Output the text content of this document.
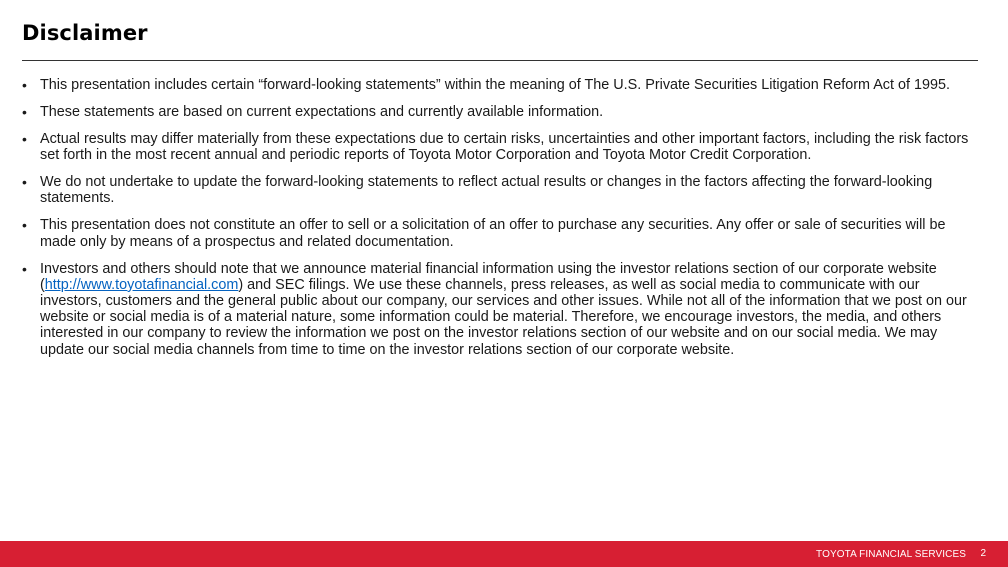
Disclaimer
• This presentation includes certain “forward-looking statements” within the meaning of The U.S. Private Securities Litigation Reform Act of 1995.
• These statements are based on current expectations and currently available information.
• Actual results may differ materially from these expectations due to certain risks, uncertainties and other important factors, including the risk factors set forth in the most recent annual and periodic reports of Toyota Motor Corporation and Toyota Motor Credit Corporation.
• We do not undertake to update the forward-looking statements to reflect actual results or changes in the factors affecting the forward-looking statements.
• This presentation does not constitute an offer to sell or a solicitation of an offer to purchase any securities. Any offer or sale of securities will be made only by means of a prospectus and related documentation.
• Investors and others should note that we announce material financial information using the investor relations section of our corporate website (http://www.toyotafinancial.com) and SEC filings. We use these channels, press releases, as well as social media to communicate with our investors, customers and the general public about our company, our services and other issues. While not all of the information that we post on our website or social media is of a material nature, some information could be material. Therefore, we encourage investors, the media, and others interested in our company to review the information we post on the investor relations section of our website and on our social media. We may update our social media channels from time to time on the investor relations section of our corporate website.
TOYOTA FINANCIAL SERVICES 2
